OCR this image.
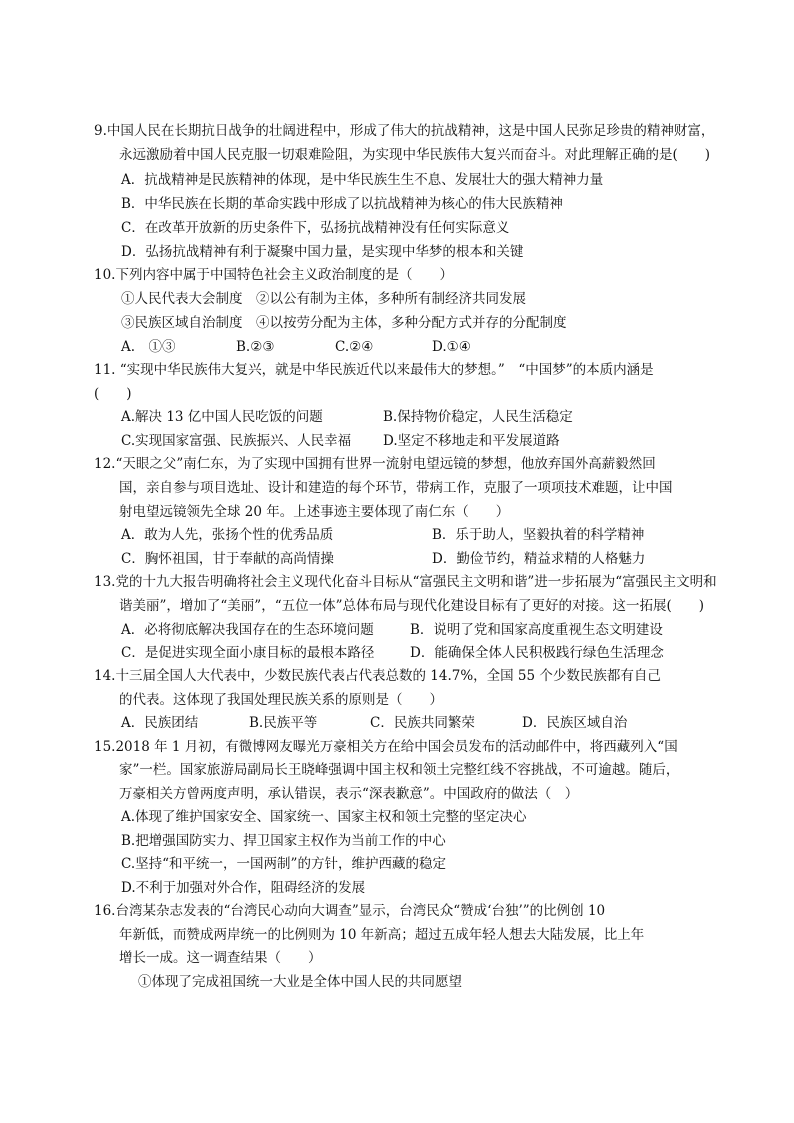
9.中国人民在长期抗日战争的壮阔进程中，形成了伟大的抗战精神，这是中国人民弥足珍贵的精神财富，
永远激励着中国人民克服一切艰难险阻，为实现中华民族伟大复兴而奋斗。对此理解正确的是(　　)
A．抗战精神是民族精神的体现，是中华民族生生不息、发展壮大的强大精神力量
B．中华民族在长期的革命实践中形成了以抗战精神为核心的伟大民族精神
C．在改革开放新的历史条件下，弘扬抗战精神没有任何实际意义
D．弘扬抗战精神有利于凝聚中国力量，是实现中华梦的根本和关键
10.下列内容中属于中国特色社会主义政治制度的是（　　）
①人民代表大会制度　②以公有制为主体，多种所有制经济共同发展
③民族区域自治制度　④以按劳分配为主体，多种分配方式并存的分配制度
A.　①③	B.②③	C.②④	D.①④
11. “实现中华民族伟大复兴，就是中华民族近代以来最伟大的梦想。”　“中国梦”的本质内涵是
(　　)
A.解决 13 亿中国人民吃饭的问题	B.保持物价稳定，人民生活稳定
C.实现国家富强、民族振兴、人民幸福 D.坚定不移地走和平发展道路
12.“天眼之父”南仁东，为了实现中国拥有世界一流射电望远镜的梦想，他放弃国外高薪毅然回
国，亲自参与项目选址、设计和建造的每个环节，带病工作，克服了一项项技术难题，让中国
射电望远镜领先全球 20 年。上述事迹主要体现了南仁东（　　）
A．敢为人先，张扬个性的优秀品质	B．乐于助人，坚毅执着的科学精神
C．胸怀祖国，甘于奉献的高尚情操	D．勤俭节约，精益求精的人格魅力
13.党的十九大报告明确将社会主义现代化奋斗目标从“富强民主文明和谐”进一步拓展为“富强民主文明和
谐美丽”，增加了“美丽”，“五位一体”总体布局与现代化建设目标有了更好的对接。这一拓展(　　)
A．必将彻底解决我国存在的生态环境问题	B．说明了党和国家高度重视生态文明建设
C．是促进实现全面小康目标的最根本路径	D．能确保全体人民积极践行绿色生活理念
14.十三届全国人大代表中，少数民族代表占代表总数的 14.7%，全国 55 个少数民族都有自己
的代表。这体现了我国处理民族关系的原则是（　　）
A．民族团结	B.民族平等	C．民族共同繁荣	D．民族区域自治
15.2018 年 1 月初，有微博网友曝光万豪相关方在给中国会员发布的活动邮件中，将西藏列入“国
家”一栏。国家旅游局副局长王晓峰强调中国主权和领土完整红线不容挑战，不可逾越。随后，
万豪相关方曾两度声明，承认错误，表示“深表歉意”。中国政府的做法（　）
A.体现了维护国家安全、国家统一、国家主权和领土完整的坚定决心
B.把增强国防实力、捍卫国家主权作为当前工作的中心
C.坚持“和平统一，一国两制”的方针，维护西藏的稳定
D.不利于加强对外合作，阻碍经济的发展
16.台湾某杂志发表的“台湾民心动向大调查”显示，台湾民众“赞成‘台独’”的比例创 10
年新低，而赞成两岸统一的比例则为 10 年新高；超过五成年轻人想去大陆发展，比上年
增长一成。这一调查结果（　　）
①体现了完成祖国统一大业是全体中国人民的共同愿望
